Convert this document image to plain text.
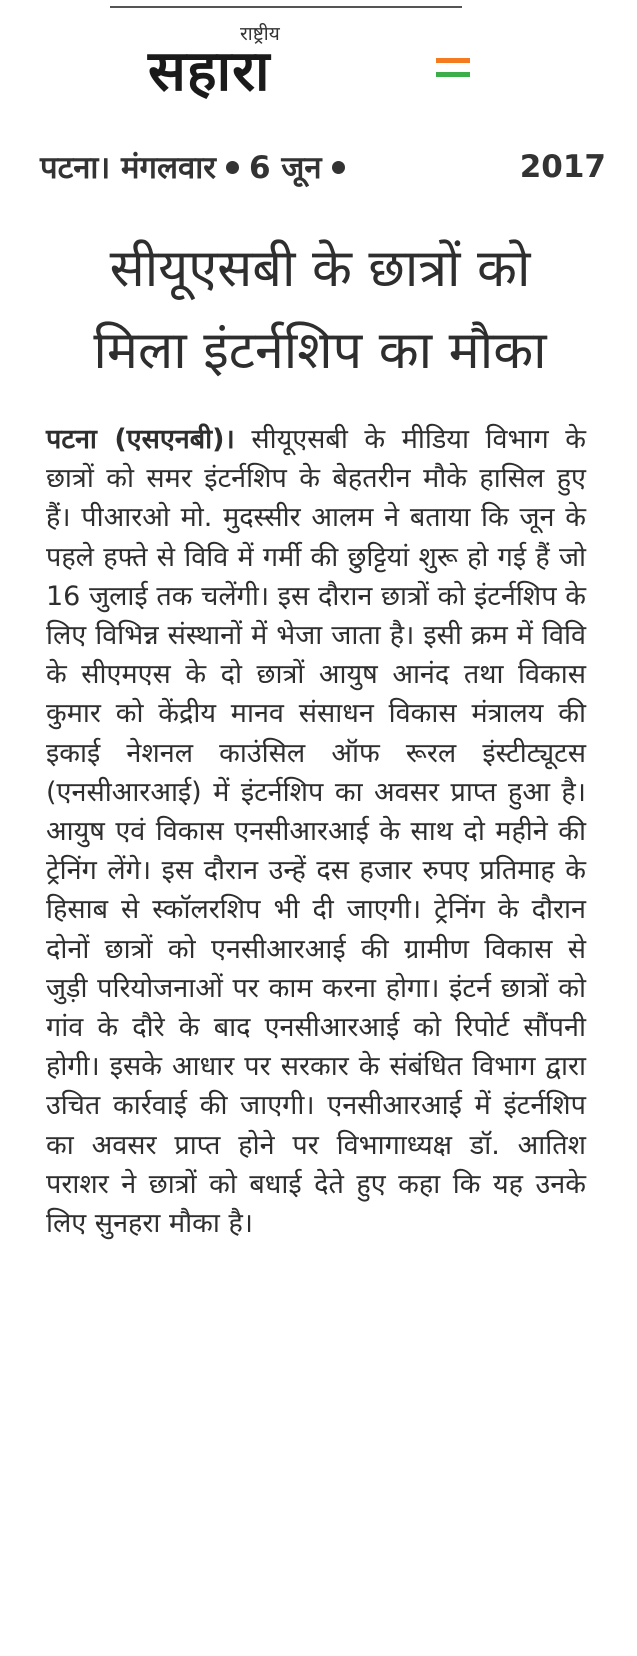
राष्ट्रीय
सहारा
पटना। मंगलवार 6 जून	2017
सीयूएसबी के छात्रों को
मिला इंटर्नशिप का मौका
पटना (एसएनबी)। सीयूएसबी के मीडिया विभाग के छात्रों को समर इंटर्नशिप के बेहतरीन मौके हासिल हुए हैं। पीआरओ मो. मुदस्सीर आलम ने बताया कि जून के पहले हफ्ते से विवि में गर्मी की छुट्टियां शुरू हो गई हैं जो 16 जुलाई तक चलेंगी। इस दौरान छात्रों को इंटर्नशिप के लिए विभिन्न संस्थानों में भेजा जाता है। इसी क्रम में विवि के सीएमएस के दो छात्रों आयुष आनंद तथा विकास कुमार को केंद्रीय मानव संसाधन विकास मंत्रालय की इकाई नेशनल काउंसिल ऑफ रूरल इंस्टीट्यूटस (एनसीआरआई) में इंटर्नशिप का अवसर प्राप्त हुआ है। आयुष एवं विकास एनसीआरआई के साथ दो महीने की ट्रेनिंग लेंगे। इस दौरान उन्हें दस हजार रुपए प्रतिमाह के हिसाब से स्कॉलरशिप भी दी जाएगी। ट्रेनिंग के दौरान दोनों छात्रों को एनसीआरआई की ग्रामीण विकास से जुड़ी परियोजनाओं पर काम करना होगा। इंटर्न छात्रों को गांव के दौरे के बाद एनसीआरआई को रिपोर्ट सौंपनी होगी। इसके आधार पर सरकार के संबंधित विभाग द्वारा उचित कार्रवाई की जाएगी। एनसीआरआई में इंटर्नशिप का अवसर प्राप्त होने पर विभागाध्यक्ष डॉ. आतिश पराशर ने छात्रों को बधाई देते हुए कहा कि यह उनके लिए सुनहरा मौका है।
